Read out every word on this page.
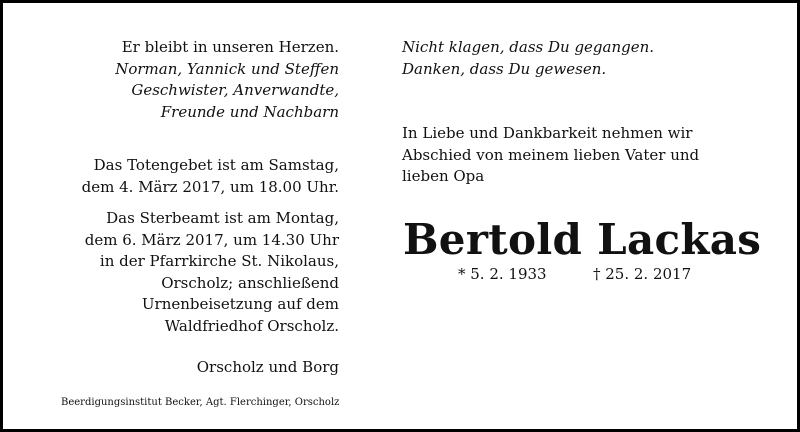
Er bleibt in unseren Herzen.
Norman, Yannick und Steffen
Geschwister, Anverwandte,
Freunde und Nachbarn
Das Totengebet ist am Samstag,
dem 4. März 2017, um 18.00 Uhr.
Das Sterbeamt ist am Montag,
dem 6. März 2017, um 14.30 Uhr
in der Pfarrkirche St. Nikolaus,
Orscholz; anschließend
Urnenbeisetzung auf dem
Waldfriedhof Orscholz.
Orscholz und Borg
Nicht klagen, dass Du gegangen.
Danken, dass Du gewesen.
In Liebe und Dankbarkeit nehmen wir
Abschied von meinem lieben Vater und
lieben Opa
Bertold Lackas
* 5. 2. 1933	† 25. 2. 2017
Beerdigungsinstitut Becker, Agt. Flerchinger, Orscholz
